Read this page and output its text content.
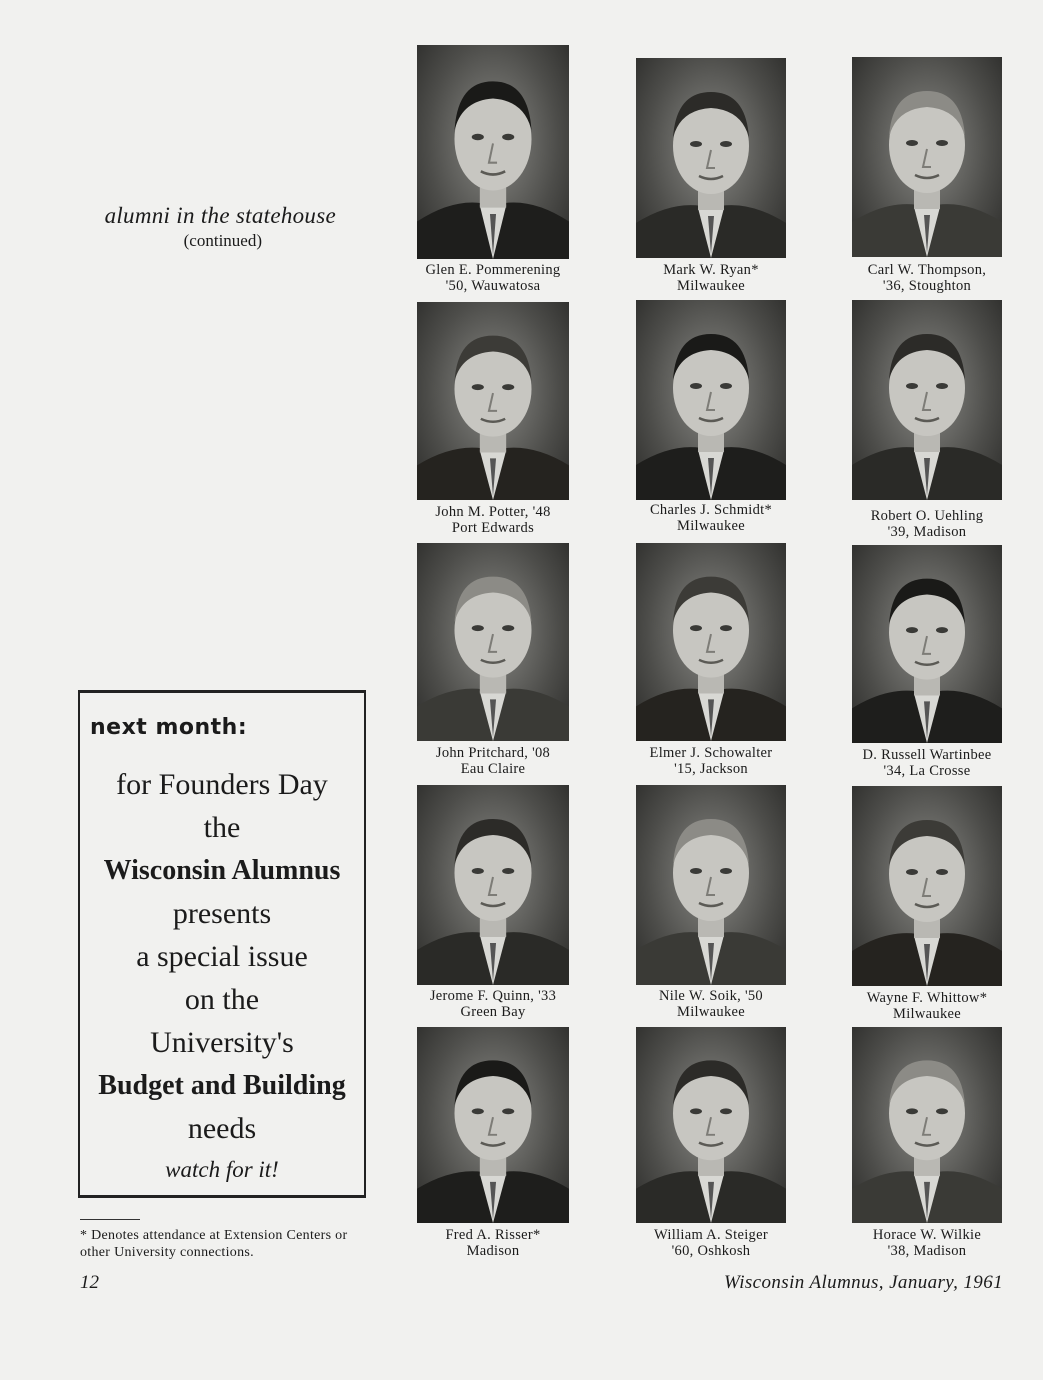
alumni in the statehouse
(continued)
next month:
for Founders Day
the
Wisconsin Alumnus
presents
a special issue
on the
University's
Budget and Building
needs
watch for it!
* Denotes attendance at Extension Centers or other University connections.
12	Wisconsin Alumnus, January, 1961
Glen E. Pommerening
'50, Wauwatosa
Mark W. Ryan*
Milwaukee
Carl W. Thompson,
'36, Stoughton
John M. Potter, '48
Port Edwards
Charles J. Schmidt*
Milwaukee
Robert O. Uehling
'39, Madison
John Pritchard, '08
Eau Claire
Elmer J. Schowalter
'15, Jackson
D. Russell Wartinbee
'34, La Crosse
Jerome F. Quinn, '33
Green Bay
Nile W. Soik, '50
Milwaukee
Wayne F. Whittow*
Milwaukee
Fred A. Risser*
Madison
William A. Steiger
'60, Oshkosh
Horace W. Wilkie
'38, Madison
